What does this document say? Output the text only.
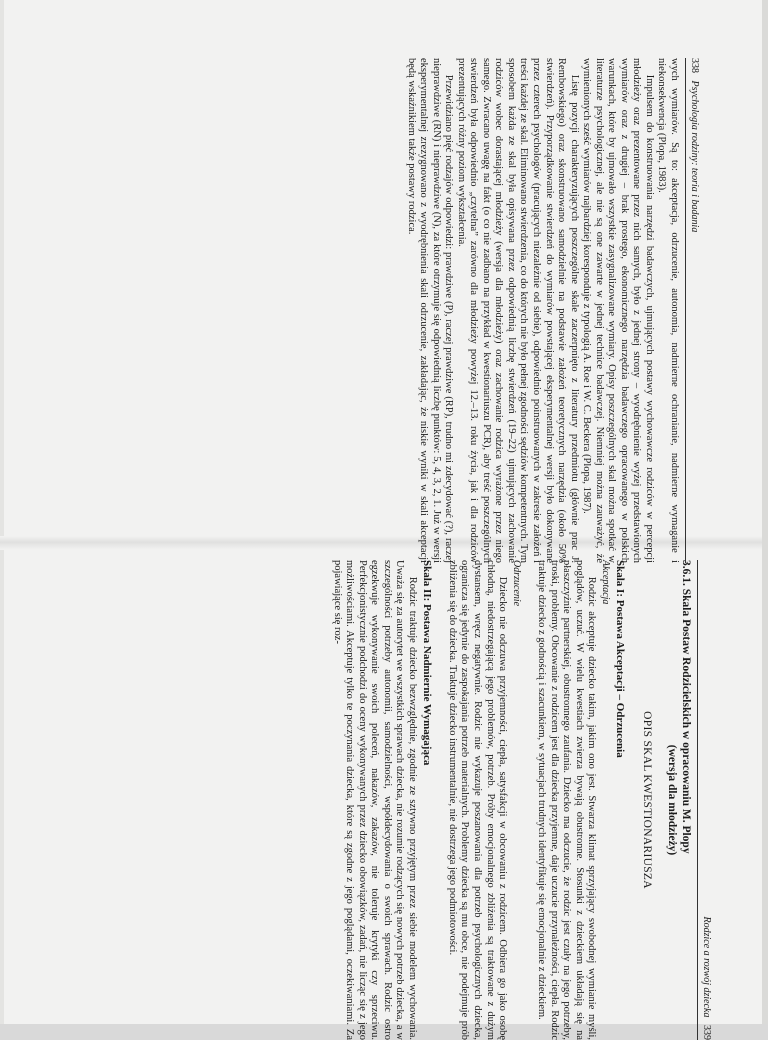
338   Psychologia rodziny: teoria i badania

wych wymiarów. Są to: akceptacja, odrzucenie, autonomia, nadmierne ochranianie, nadmierne wymaganie i niekonsekwencja (Plopa, 1983).

Impulsem do konstruowania narzędzi badawczych, ujmujących postawy wychowawcze rodziców w percepcji młodzieży oraz prezentowane przez nich samych, było z jednej strony – wyodrębnienie wyżej przedstawionych wymiarów oraz z drugiej – brak prostego, ekonomicznego narzędzia badawczego opracowanego w polskich warunkach, które by ujmowało wszystkie zasygnalizowane wymiary. Opisy poszczególnych skal można spotkać w literaturze psychologicznej, ale nie są one zawarte w jednej technice badawczej. Niemniej można zauważyć, że wymienionych sześć wymiarów najbardziej koresponduje z typologią A. Roe i W. C. Beckera (Plopa, 1987).

Listę pozycji charakteryzujących poszczególne skale zaczerpnięto z literatury przedmiotu (głównie prac J. Rembowskiego) oraz skonstruowano samodzielnie na podstawie założeń teoretycznych narzędzia (około 50% stwierdzeń). Przyporządkowanie stwierdzeń do wymiarów powstającej eksperymentalnej wersji było dokonywane przez czterech psychologów (pracujących niezależnie od siebie), odpowiednio poinstruowanych w zakresie założeń i treści każdej ze skal. Eliminowano stwierdzenia, co do których nie było pełnej zgodności sędziów kompetentnych. Tym sposobem każda ze skal była opisywana przez odpowiednią liczbę stwierdzeń (19–22) ujmujących zachowanie rodziców wobec dorastającej młodzieży (wersja dla młodzieży) oraz zachowanie rodzica wyrażone przez niego samego. Zwracano uwagę na fakt (o co nie zadbano na przykład w kwestionariuszu PCR), aby treść poszczególnych stwierdzeń była odpowiednio „czytelna” zarówno dla młodzieży powyżej 12.–13. roku życia, jak i dla rodziców prezentujących różny poziom wykształcenia.

Przewidziano pięć rodzajów odpowiedzi: prawdziwe (P), raczej prawdziwe (RP), trudno mi zdecydować (?), raczej nieprawdziwe (RN) i nieprawdziwe (N), za które otrzymuje się odpowiednią liczbę punktów: 5, 4, 3, 2, 1. Już w wersji eksperymentalnej zrezygnowano z wyodrębnienia skali odrzucenie, zakładając, że niskie wyniki w skali akceptacji będą wskaźnikiem także postawy rodzica.

Rodzice a rozwój dziecka   339
3.6.1. Skala Postaw Rodzicielskich w opracowaniu M. Plopy
(wersja dla młodzieży)
OPIS SKAL KWESTIONARIUSZA
Skala I: Postawa Akceptacji – Odrzucenia
Akceptacja

Rodzic akceptuje dziecko takim, jakim ono jest. Stwarza klimat sprzyjający swobodnej wymianie myśli, poglądów, uczuć. W wielu kwestiach zwierza bywają obustronne. Stosunki z dzieckiem układają się na płaszczyźnie partnerskiej, obustronnego zaufania. Dziecko ma odczucie, że rodzic jest czuły na jego potrzeby, troski, problemy. Obcowanie z rodzicem jest dla dziecka przyjemne, daje uczucie przynależności, ciepła. Rodzic traktuje dziecko z godnością i szacunkiem, w sytuacjach trudnych identyfikuje się emocjonalnie z dzieckiem.

Odrzucenie

Dziecko nie odczuwa przyjemności, ciepła, satysfakcji w obcowaniu z rodzicem. Odbiera go jako osobę chłodną, niedostrzegającą jego problemów, potrzeb. Próby emocjonalnego zbliżenia są traktowane z dużym dystansem, wręcz negatywnie. Rodzic nie wykazuje poszanowania dla potrzeb psychologicznych dziecka, ogranicza się jedynie do zaspokajania potrzeb materialnych. Problemy dziecka są mu obce, nie podejmuje prób zbliżenia się do dziecka. Traktuje dziecko instrumentalnie, nie dostrzega jego podmiotowości.

Skala II: Postawa Nadmiernie Wymagająca

Rodzic traktuje dziecko bezwzględnie, zgodnie ze sztywno przyjętym przez siebie modelem wychowania. Uważa się za autorytet we wszystkich sprawach dziecka, nie rozumie rodzących się nowych potrzeb dziecka, a w szczególności potrzeby autonomii, samodzielności, współdecydowania o swoich sprawach. Rodzic ostro egzekwuje wykonywanie swoich poleceń, nakazów, zakazów, nie toleruje krytyki czy sprzeciwu. Perfekcjonistycznie podchodzi do oceny wykonywanych przez dziecko obowiązków, zadań, nie licząc się z jego możliwościami. Akceptuje tylko te poczynania dziecka, które są zgodne z jego poglądami, oczekiwaniami. Za pojawiające się roz-
